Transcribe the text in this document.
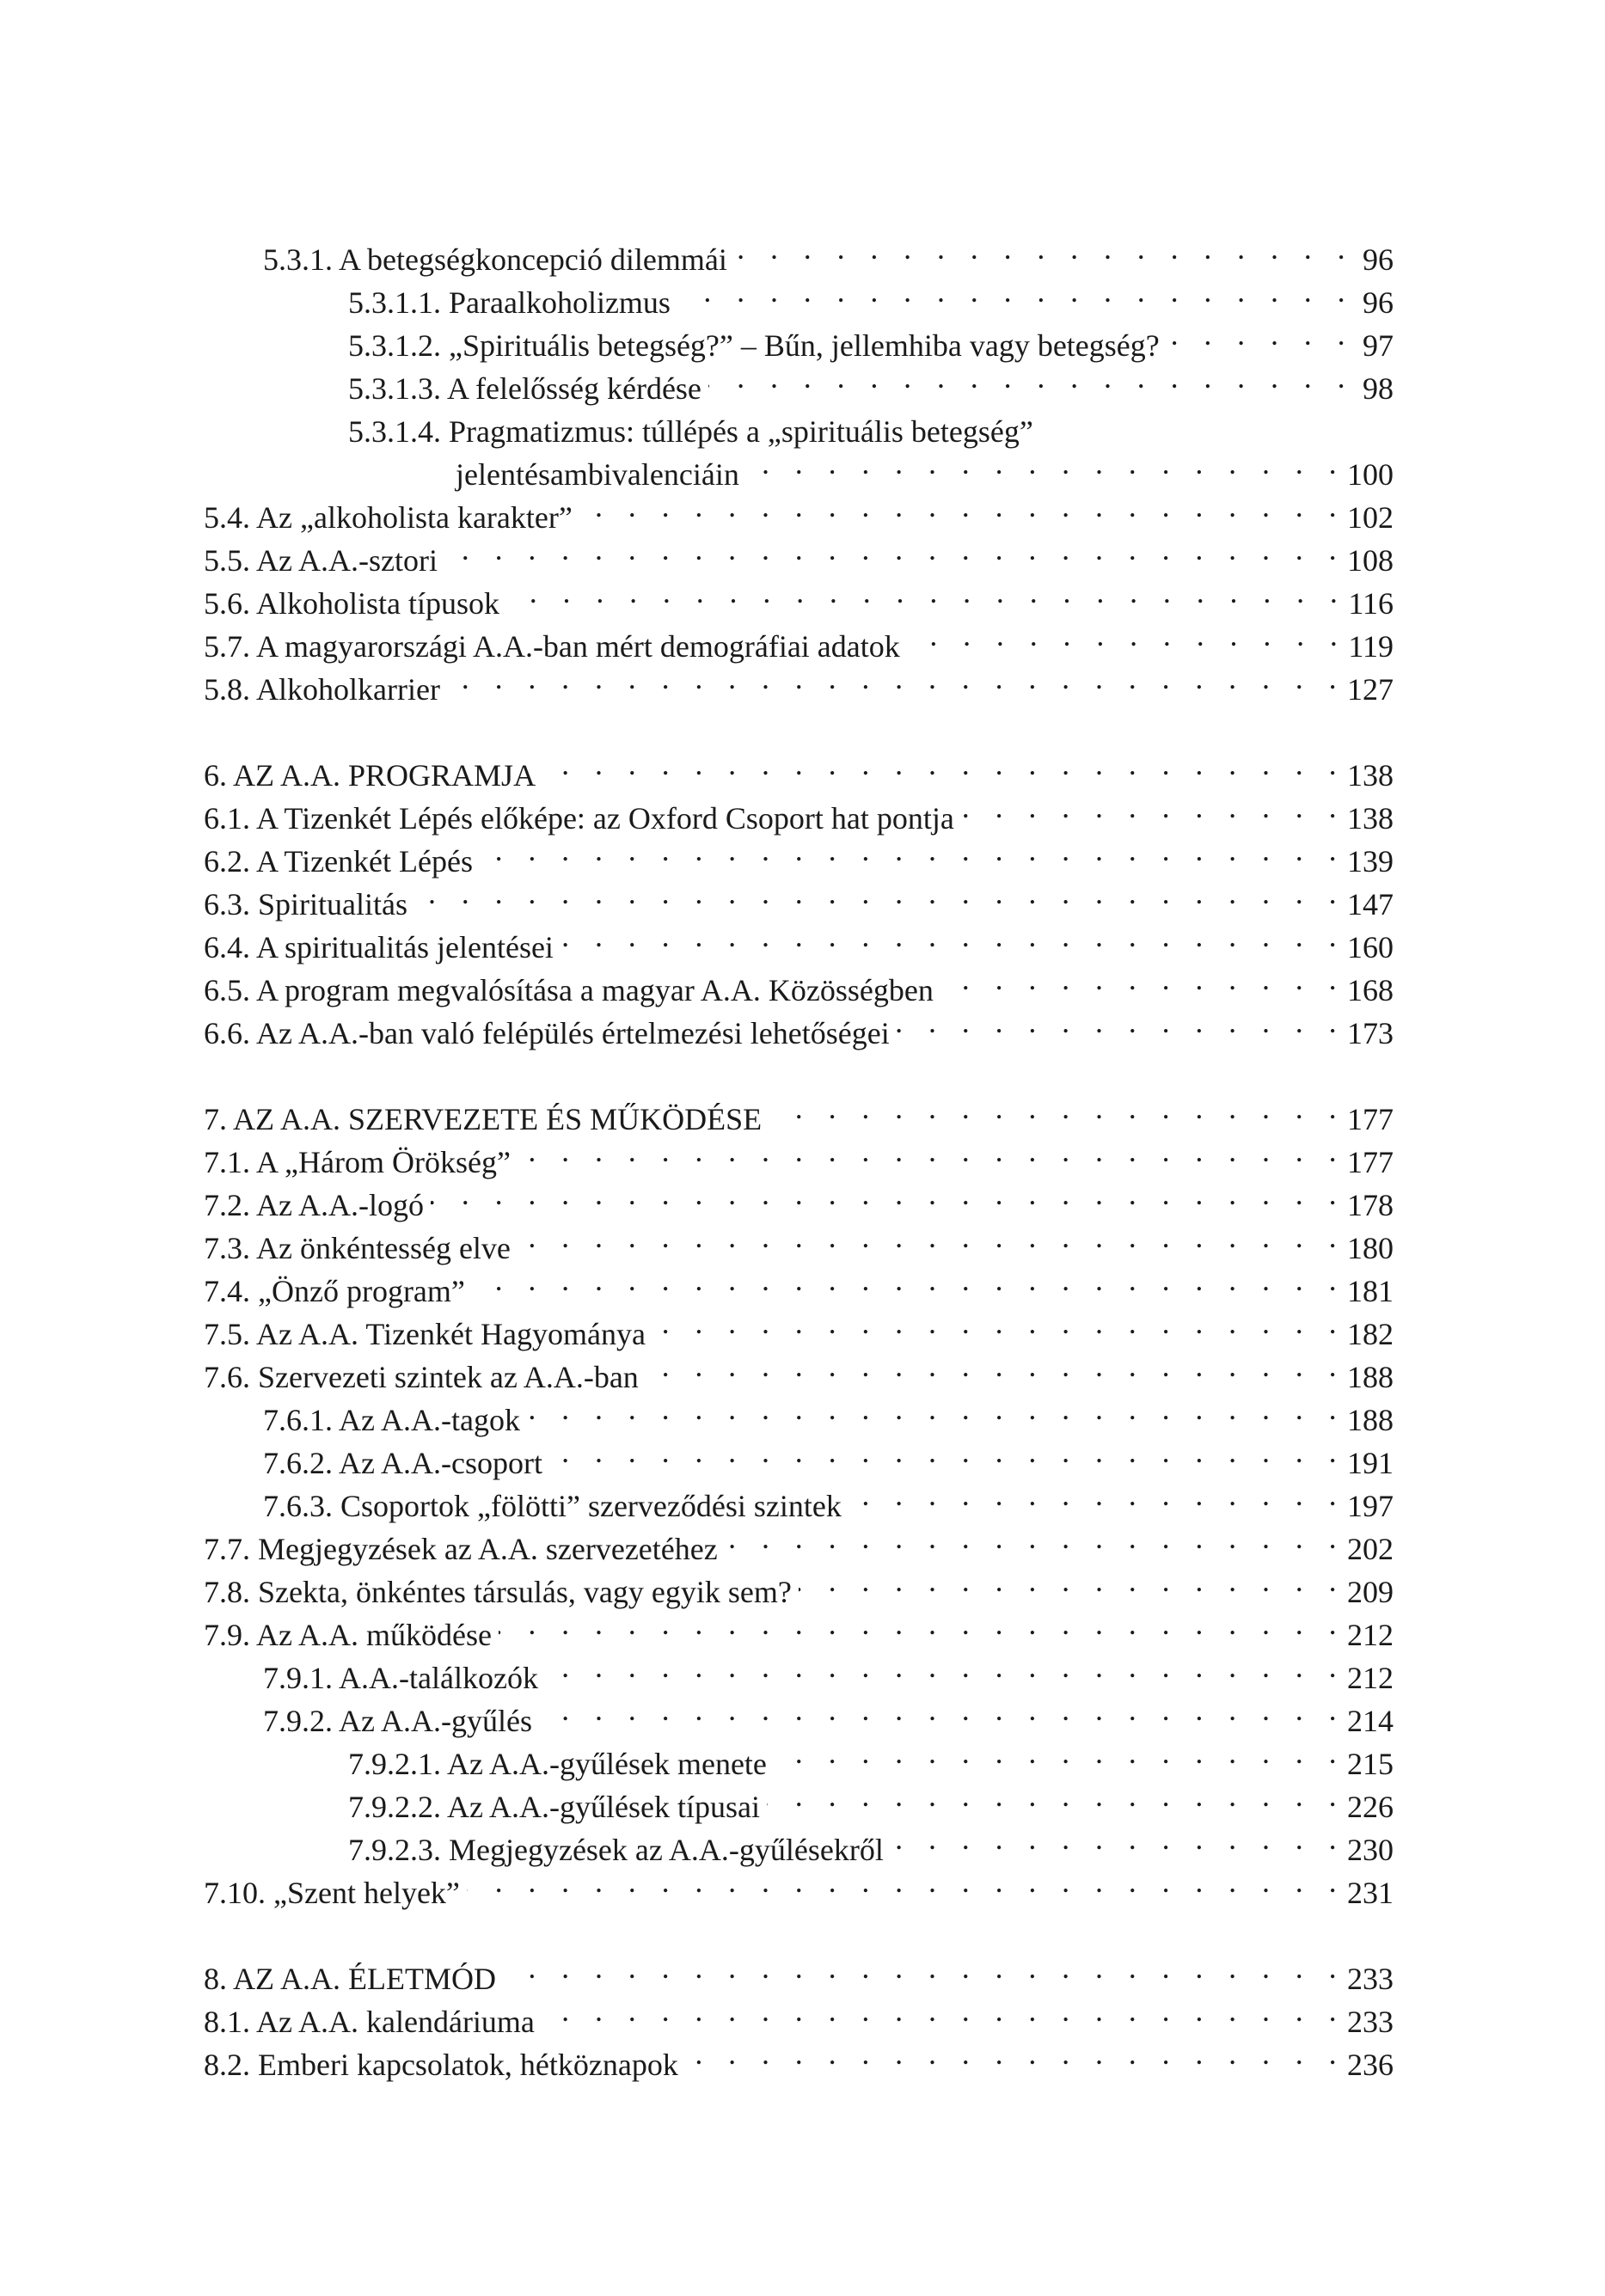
5.3.1. A betegségkoncepció dilemmái . . .	96
5.3.1.1. Paraalkoholizmus . . .	96
5.3.1.2. „Spirituális betegség?” – Bűn, jellemhiba vagy betegség? . . .	97
5.3.1.3. A felelősség kérdése . . .	98
5.3.1.4. Pragmatizmus: túllépés a „spirituális betegség”
jelentésambivalenciáin . . .	100
5.4. Az „alkoholista karakter” . . .	102
5.5. Az A.A.-sztori . . .	108
5.6. Alkoholista típusok . . .	116
5.7. A magyarországi A.A.-ban mért demográfiai adatok . . .	119
5.8. Alkoholkarrier . . .	127
6. AZ A.A. PROGRAMJA . . .	138
6.1. A Tizenkét Lépés előképe: az Oxford Csoport hat pontja . . .	138
6.2. A Tizenkét Lépés . . .	139
6.3. Spiritualitás . . .	147
6.4. A spiritualitás jelentései . . .	160
6.5. A program megvalósítása a magyar A.A. Közösségben . . .	168
6.6. Az A.A.-ban való felépülés értelmezési lehetőségei . . .	173
7. AZ A.A. SZERVEZETE ÉS MŰKÖDÉSE . . .	177
7.1. A „Három Örökség” . . .	177
7.2. Az A.A.-logó . . .	178
7.3. Az önkéntesség elve . . .	180
7.4. „Önző program” . . .	181
7.5. Az A.A. Tizenkét Hagyománya . . .	182
7.6. Szervezeti szintek az A.A.-ban . . .	188
7.6.1. Az A.A.-tagok . . .	188
7.6.2. Az A.A.-csoport . . .	191
7.6.3. Csoportok „fölötti” szerveződési szintek . . .	197
7.7. Megjegyzések az A.A. szervezetéhez . . .	202
7.8. Szekta, önkéntes társulás, vagy egyik sem? . . .	209
7.9. Az A.A. működése . . .	212
7.9.1. A.A.-találkozók . . .	212
7.9.2. Az A.A.-gyűlés . . .	214
7.9.2.1. Az A.A.-gyűlések menete . . .	215
7.9.2.2. Az A.A.-gyűlések típusai . . .	226
7.9.2.3. Megjegyzések az A.A.-gyűlésekről . . .	230
7.10. „Szent helyek” . . .	231
8. AZ A.A. ÉLETMÓD . . .	233
8.1. Az A.A. kalendáriuma . . .	233
8.2. Emberi kapcsolatok, hétköznapok . . .	236
